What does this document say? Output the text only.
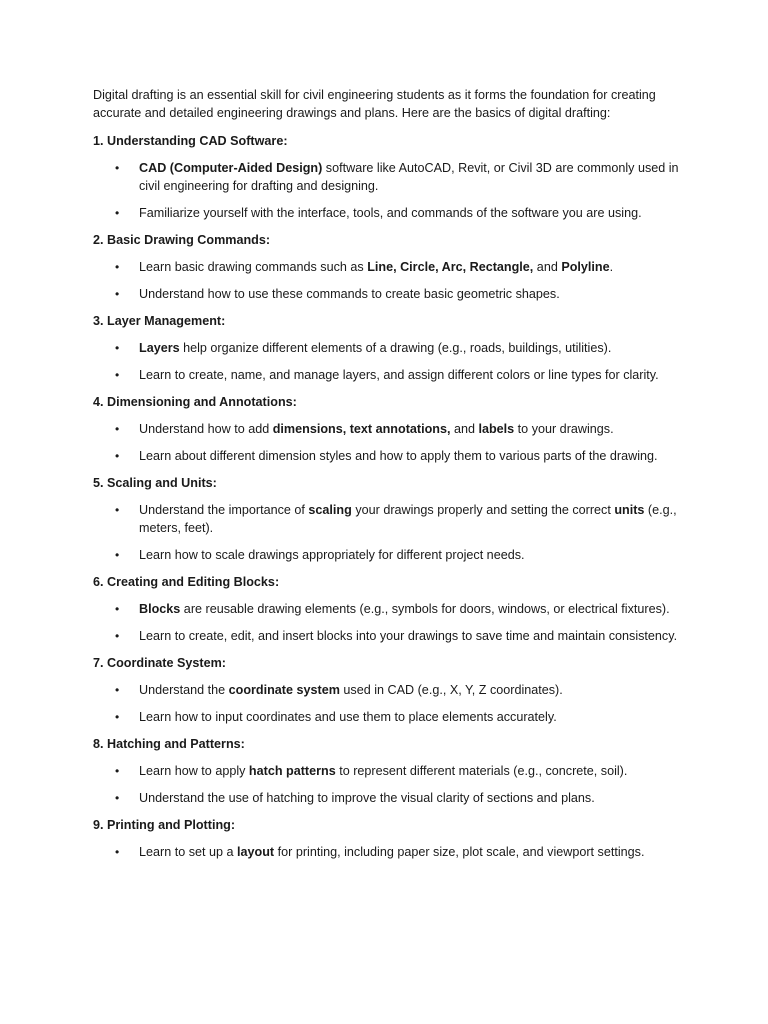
Digital drafting is an essential skill for civil engineering students as it forms the foundation for creating accurate and detailed engineering drawings and plans. Here are the basics of digital drafting:

1. Understanding CAD Software:

• CAD (Computer-Aided Design) software like AutoCAD, Revit, or Civil 3D are commonly used in civil engineering for drafting and designing.
• Familiarize yourself with the interface, tools, and commands of the software you are using.

2. Basic Drawing Commands:

• Learn basic drawing commands such as Line, Circle, Arc, Rectangle, and Polyline.
• Understand how to use these commands to create basic geometric shapes.

3. Layer Management:

• Layers help organize different elements of a drawing (e.g., roads, buildings, utilities).
• Learn to create, name, and manage layers, and assign different colors or line types for clarity.

4. Dimensioning and Annotations:

• Understand how to add dimensions, text annotations, and labels to your drawings.
• Learn about different dimension styles and how to apply them to various parts of the drawing.

5. Scaling and Units:

• Understand the importance of scaling your drawings properly and setting the correct units (e.g., meters, feet).
• Learn how to scale drawings appropriately for different project needs.

6. Creating and Editing Blocks:

• Blocks are reusable drawing elements (e.g., symbols for doors, windows, or electrical fixtures).
• Learn to create, edit, and insert blocks into your drawings to save time and maintain consistency.

7. Coordinate System:

• Understand the coordinate system used in CAD (e.g., X, Y, Z coordinates).
• Learn how to input coordinates and use them to place elements accurately.

8. Hatching and Patterns:

• Learn how to apply hatch patterns to represent different materials (e.g., concrete, soil).
• Understand the use of hatching to improve the visual clarity of sections and plans.

9. Printing and Plotting:

• Learn to set up a layout for printing, including paper size, plot scale, and viewport settings.
